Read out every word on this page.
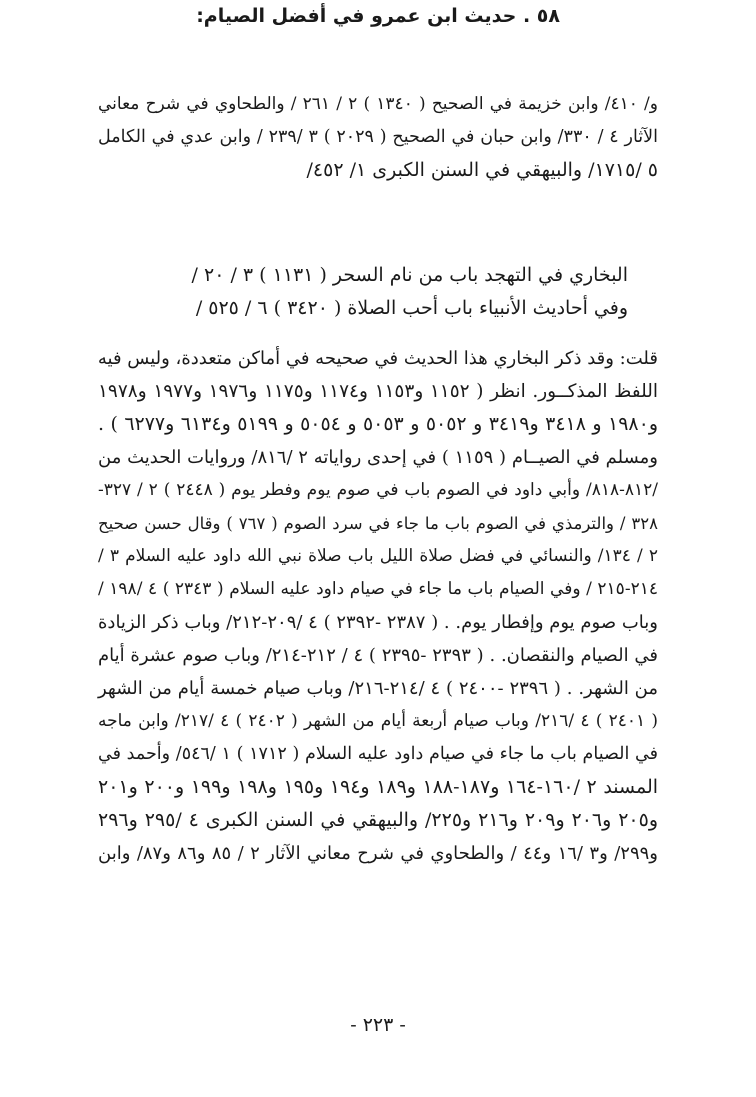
و/ ٤١٠/ وابن خزيمة في الصحيح ( ١٣٤٠ ) ٢ / ٢٦١ / والطحاوي في شرح معاني
الآثار ٤ / ٣٣٠/ وابن حبان في الصحيح ( ٢٠٢٩ ) ٣ /٢٣٩ / وابن عدي في الكامل
٥ /١٧١٥/ والبيهقي في السنن الكبرى ١/ ٤٥٢/
٥٨ . حديث ابن عمرو في أفضل الصيام:
البخاري في التهجد باب من نام السحر ( ١١٣١ ) ٣ / ٢٠ /
وفي أحاديث الأنبياء باب أحب الصلاة ( ٣٤٢٠ ) ٦ / ٥٢٥ /
قلت: وقد ذكر البخاري هذا الحديث في صحيحه في أماكن متعددة، وليس فيه
اللفظ المذكــور. انظر ( ١١٥٢ و١١٥٣ و١١٧٤ و١١٧٥ و١٩٧٦ و١٩٧٧ و١٩٧٨
و١٩٨٠ و ٣٤١٨ و٣٤١٩ و ٥٠٥٢ و ٥٠٥٣ و ٥٠٥٤ و ٥١٩٩ و٦١٣٤ و٦٢٧٧ ) .
ومسلم في الصيــام ( ١١٥٩ ) في إحدى رواياته ٢ /٨١٦/ وروايات الحديث من
/٨١٢-٨١٨/ وأبي داود في الصوم باب في صوم يوم وفطر يوم ( ٢٤٤٨ ) ٢ / ٣٢٧-
٣٢٨ / والترمذي في الصوم باب ما جاء في سرد الصوم ( ٧٦٧ ) وقال حسن صحيح
٢ / ١٣٤/ والنسائي في فضل صلاة الليل باب صلاة نبي الله داود عليه السلام ٣ /
٢١٤-٢١٥ / وفي الصيام باب ما جاء في صيام داود عليه السلام ( ٢٣٤٣ ) ٤ /١٩٨ /
وباب صوم يوم وإفطار يوم. . ( ٢٣٨٧ -٢٣٩٢ ) ٤ /٢٠٩-٢١٢/ وباب ذكر الزيادة
في الصيام والنقصان. . ( ٢٣٩٣ -٢٣٩٥ ) ٤ / ٢١٢-٢١٤/ وباب صوم عشرة أيام
من الشهر. . ( ٢٣٩٦ -٢٤٠٠ ) ٤ /٢١٤-٢١٦/ وباب صيام خمسة أيام من الشهر
( ٢٤٠١ ) ٤ /٢١٦/ وباب صيام أربعة أيام من الشهر ( ٢٤٠٢ ) ٤ /٢١٧/ وابن ماجه
في الصيام باب ما جاء في صيام داود عليه السلام ( ١٧١٢ ) ١ /٥٤٦/ وأحمد في
المسند ٢ /١٦٠-١٦٤ و١٨٧-١٨٨ و١٨٩ و١٩٤ و١٩٥ و١٩٨ و١٩٩ و٢٠٠ و٢٠١
و٢٠٥ و٢٠٦ و٢٠٩ و٢١٦ و٢٢٥/ والبيهقي في السنن الكبرى ٤ /٢٩٥ و٢٩٦
و٢٩٩/ و٣ /١٦ و٤٤ / والطحاوي في شرح معاني الآثار ٢ / ٨٥ و٨٦ و٨٧/ وابن
- ٢٢٣ -
